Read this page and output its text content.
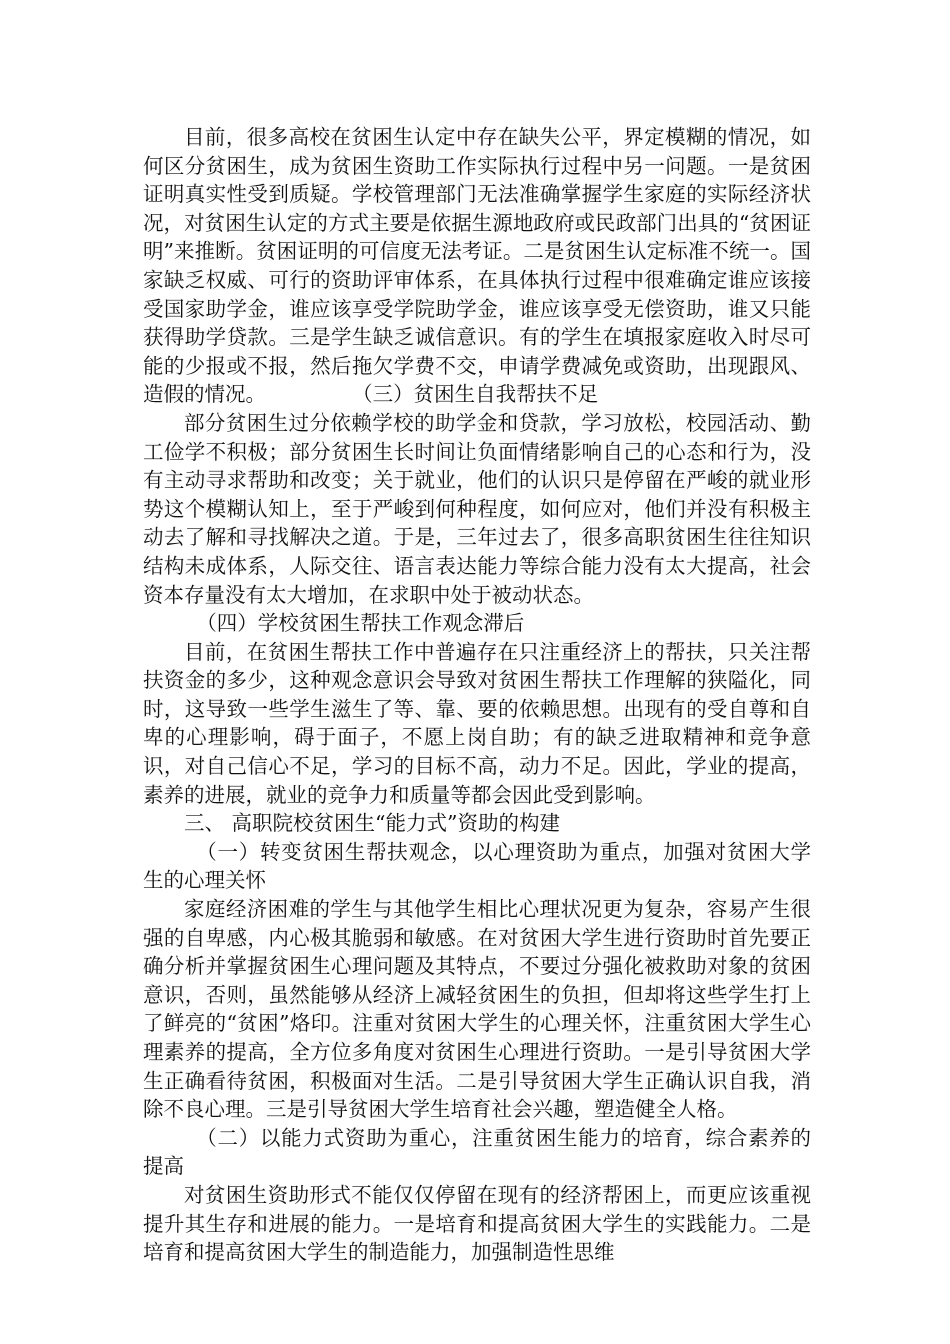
目前，很多高校在贫困生认定中存在缺失公平，界定模糊的情况，如何区分贫困生，成为贫困生资助工作实际执行过程中另一问题。一是贫困证明真实性受到质疑。学校管理部门无法准确掌握学生家庭的实际经济状况，对贫困生认定的方式主要是依据生源地政府或民政部门出具的“贫困证明”来推断。贫困证明的可信度无法考证。二是贫困生认定标准不统一。国家缺乏权威、可行的资助评审体系，在具体执行过程中很难确定谁应该接受国家助学金，谁应该享受学院助学金，谁应该享受无偿资助，谁又只能获得助学贷款。三是学生缺乏诚信意识。有的学生在填报家庭收入时尽可能的少报或不报，然后拖欠学费不交，申请学费减免或资助，出现跟风、造假的情况。	（三）贫困生自我帮扶不足

部分贫困生过分依赖学校的助学金和贷款，学习放松，校园活动、勤工俭学不积极；部分贫困生长时间让负面情绪影响自己的心态和行为，没有主动寻求帮助和改变；关于就业，他们的认识只是停留在严峻的就业形势这个模糊认知上，至于严峻到何种程度，如何应对，他们并没有积极主动去了解和寻找解决之道。于是，三年过去了，很多高职贫困生往往知识结构未成体系，人际交往、语言表达能力等综合能力没有太大提高，社会资本存量没有太大增加，在求职中处于被动状态。

（四）学校贫困生帮扶工作观念滞后

目前，在贫困生帮扶工作中普遍存在只注重经济上的帮扶，只关注帮扶资金的多少，这种观念意识会导致对贫困生帮扶工作理解的狭隘化，同时，这导致一些学生滋生了等、靠、要的依赖思想。出现有的受自尊和自卑的心理影响，碍于面子，不愿上岗自助；有的缺乏进取精神和竞争意识，对自己信心不足，学习的目标不高，动力不足。因此，学业的提高，素养的进展，就业的竞争力和质量等都会因此受到影响。

三、 高职院校贫困生“能力式”资助的构建

（一）转变贫困生帮扶观念，以心理资助为重点，加强对贫困大学生的心理关怀

家庭经济困难的学生与其他学生相比心理状况更为复杂，容易产生很强的自卑感，内心极其脆弱和敏感。在对贫困大学生进行资助时首先要正确分析并掌握贫困生心理问题及其特点，不要过分强化被救助对象的贫困意识，否则，虽然能够从经济上减轻贫困生的负担，但却将这些学生打上了鲜亮的“贫困”烙印。注重对贫困大学生的心理关怀，注重贫困大学生心理素养的提高，全方位多角度对贫困生心理进行资助。一是引导贫困大学生正确看待贫困，积极面对生活。二是引导贫困大学生正确认识自我，消除不良心理。三是引导贫困大学生培育社会兴趣，塑造健全人格。

（二）以能力式资助为重心，注重贫困生能力的培育，综合素养的提高

对贫困生资助形式不能仅仅停留在现有的经济帮困上，而更应该重视提升其生存和进展的能力。一是培育和提高贫困大学生的实践能力。二是培育和提高贫困大学生的制造能力，加强制造性思维
